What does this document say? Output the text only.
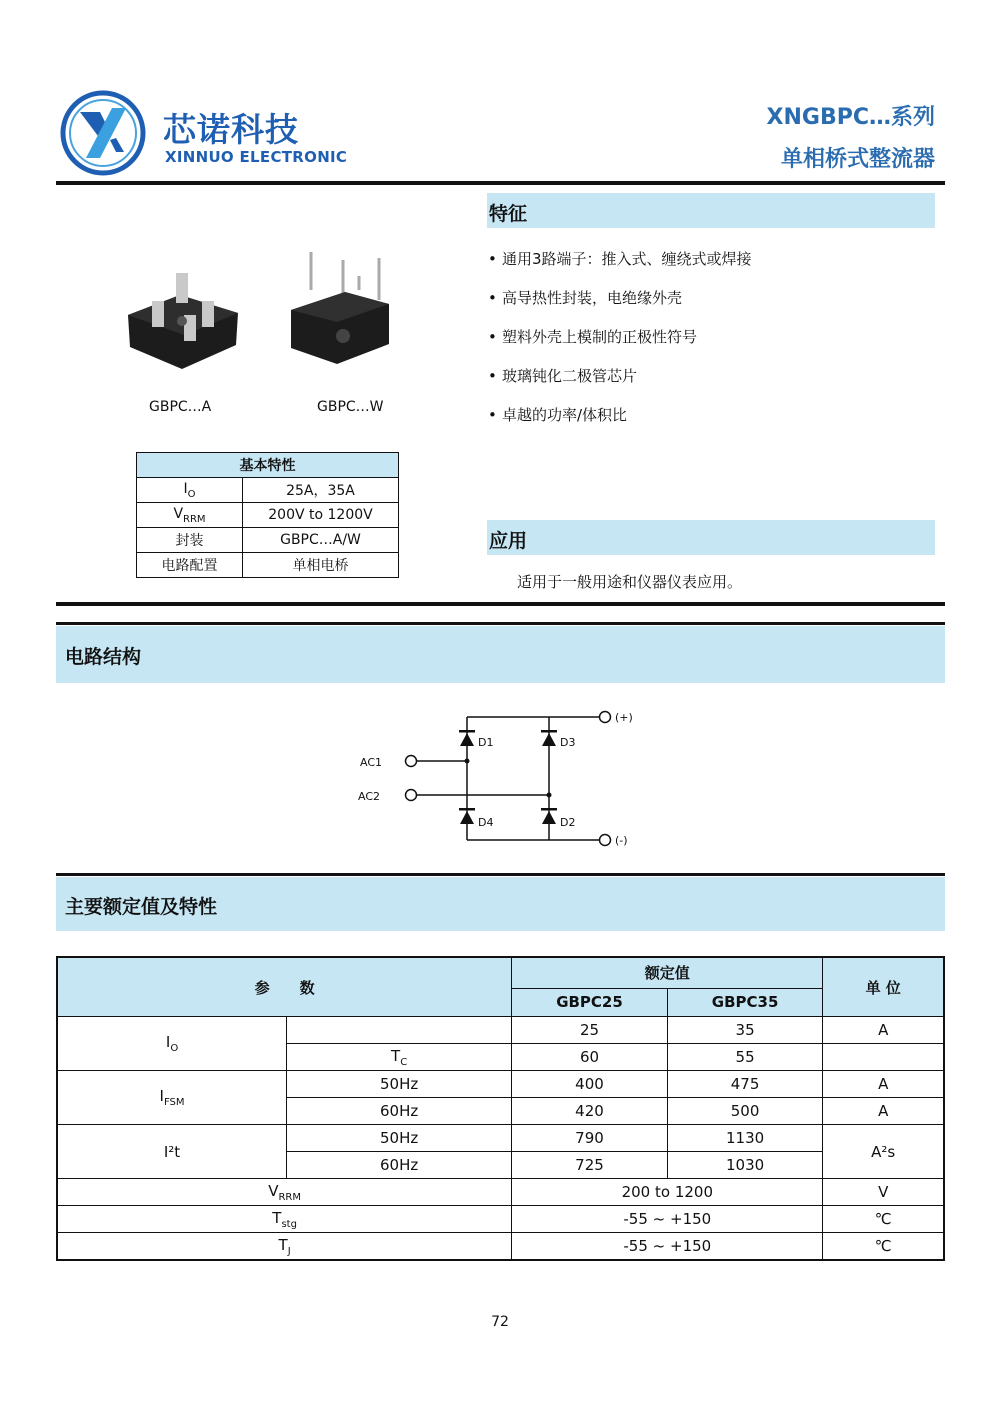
芯诺科技
XINNUO ELECTRONIC
XNGBPC…系列
单相桥式整流器
GBPC…A	GBPC…W
基本特性	
$I_O$	25A，35A
$V_{RRM}$	200V to 1200V
封装	GBPC…A/W
电路配置	单相电桥
特征
• 通用3路端子：推入式、缠绕式或焊接
• 高导热性封装，电绝缘外壳
• 塑料外壳上模制的正极性符号
• 玻璃钝化二极管芯片
• 卓越的功率/体积比
应用
适用于一般用途和仪器仪表应用。
电路结构
(+)
(-)
AC1
AC2
D1	D3
D4	D2
主要额定值及特性
参　　数		额定值		单 位
		GBPC25	GBPC35	
$I_O$		25	35	A
	$T_C$	60	55	
$I_{FSM}$	50Hz	400	475	A
	60Hz	420	500	A
I²t	50Hz	790	1130	A²s
	60Hz	725	1030	
$V_{RRM}$		200 to 1200		V
$T_{stg}$		-55 ~ +150		℃
$T_J$		-55 ~ +150		℃
72
